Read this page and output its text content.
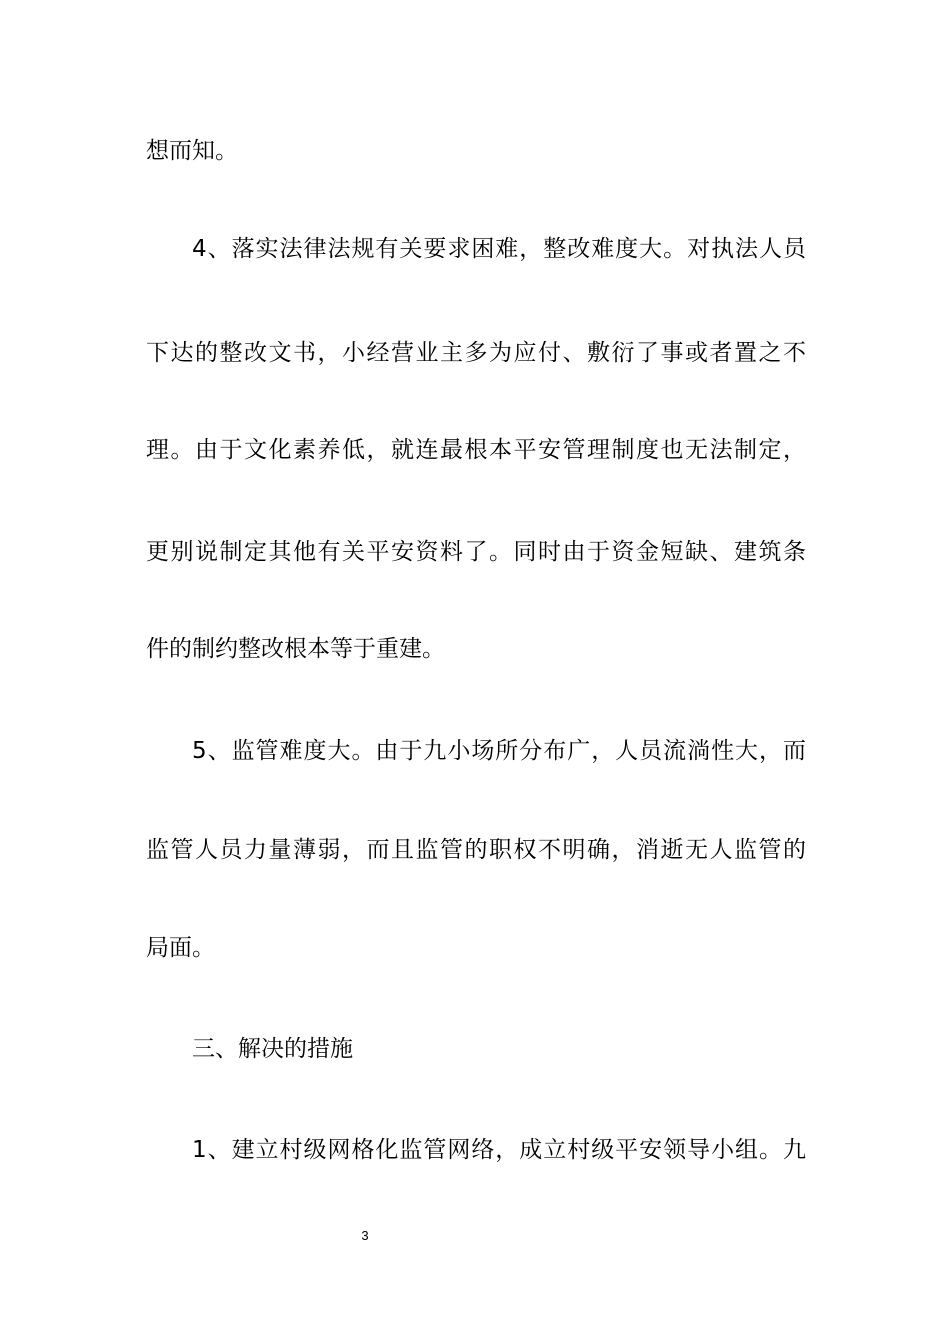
想而知。
4、落实法律法规有关要求困难，整改难度大。对执法人员
下达的整改文书，小经营业主多为应付、敷衍了事或者置之不
理。由于文化素养低，就连最根本平安管理制度也无法制定，
更别说制定其他有关平安资料了。同时由于资金短缺、建筑条
件的制约整改根本等于重建。
5、监管难度大。由于九小场所分布广，人员流淌性大，而
监管人员力量薄弱，而且监管的职权不明确，消逝无人监管的
局面。
三、解决的措施
1、建立村级网格化监管网络，成立村级平安领导小组。九
3
